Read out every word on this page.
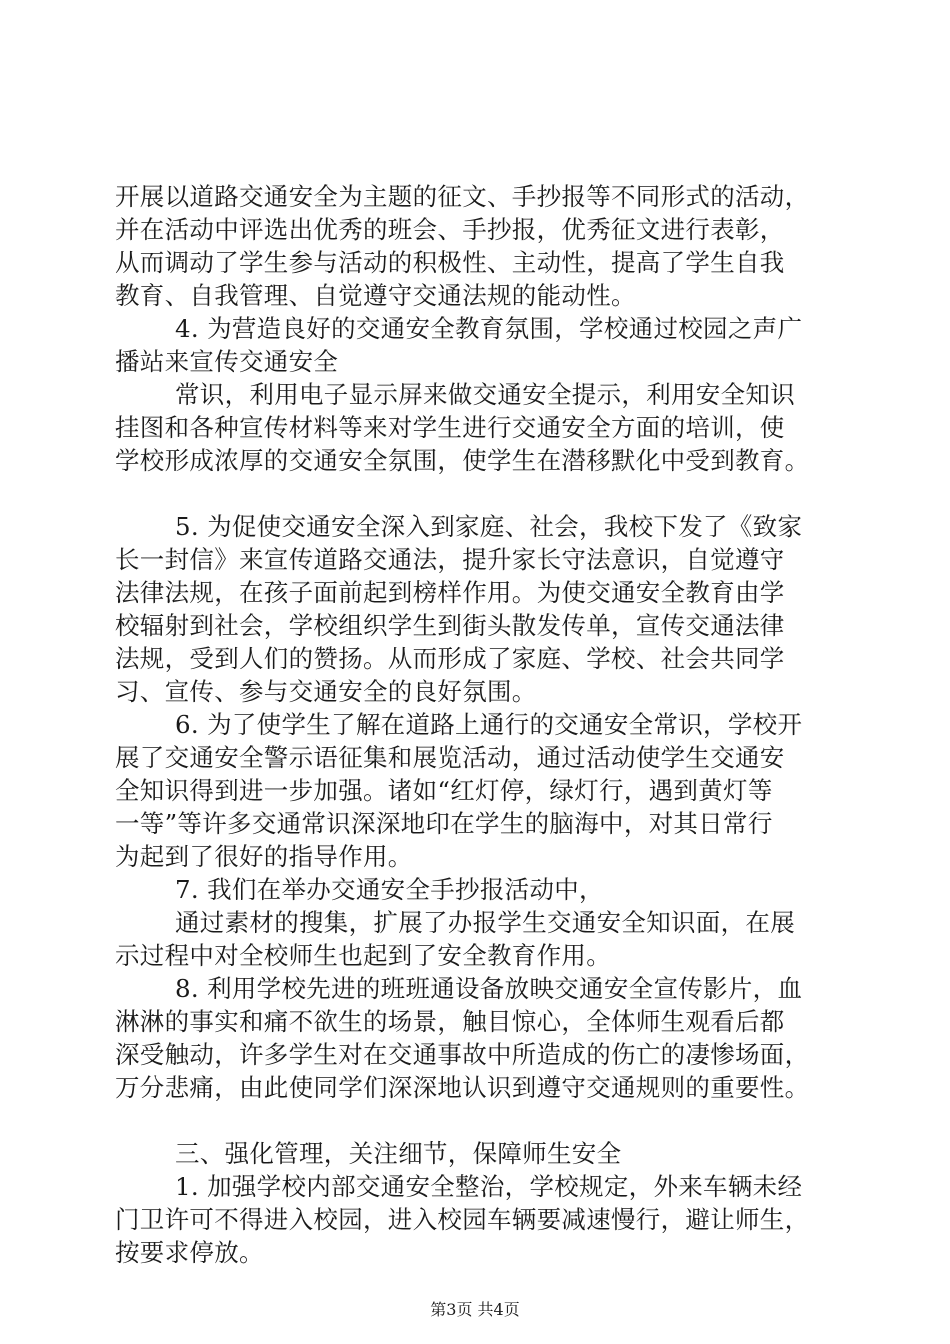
开展以道路交通安全为主题的征文、手抄报等不同形式的活动，

并在活动中评选出优秀的班会、手抄报，优秀征文进行表彰，

从而调动了学生参与活动的积极性、主动性，提高了学生自我

教育、自我管理、自觉遵守交通法规的能动性。

4. 为营造良好的交通安全教育氛围，学校通过校园之声广

播站来宣传交通安全

常识，利用电子显示屏来做交通安全提示，利用安全知识

挂图和各种宣传材料等来对学生进行交通安全方面的培训，使

学校形成浓厚的交通安全氛围，使学生在潜移默化中受到教育。

5. 为促使交通安全深入到家庭、社会，我校下发了《致家

长一封信》来宣传道路交通法，提升家长守法意识，自觉遵守

法律法规，在孩子面前起到榜样作用。为使交通安全教育由学

校辐射到社会，学校组织学生到街头散发传单，宣传交通法律

法规，受到人们的赞扬。从而形成了家庭、学校、社会共同学

习、宣传、参与交通安全的良好氛围。

6. 为了使学生了解在道路上通行的交通安全常识，学校开

展了交通安全警示语征集和展览活动，通过活动使学生交通安

全知识得到进一步加强。诸如“红灯停，绿灯行，遇到黄灯等

一等”等许多交通常识深深地印在学生的脑海中，对其日常行

为起到了很好的指导作用。

7. 我们在举办交通安全手抄报活动中，

通过素材的搜集，扩展了办报学生交通安全知识面，在展

示过程中对全校师生也起到了安全教育作用。

8. 利用学校先进的班班通设备放映交通安全宣传影片，血

淋淋的事实和痛不欲生的场景，触目惊心，全体师生观看后都

深受触动，许多学生对在交通事故中所造成的伤亡的凄惨场面，

万分悲痛，由此使同学们深深地认识到遵守交通规则的重要性。

三、强化管理，关注细节，保障师生安全

1. 加强学校内部交通安全整治，学校规定，外来车辆未经

门卫许可不得进入校园，进入校园车辆要减速慢行，避让师生，

按要求停放。

第3页 共4页
